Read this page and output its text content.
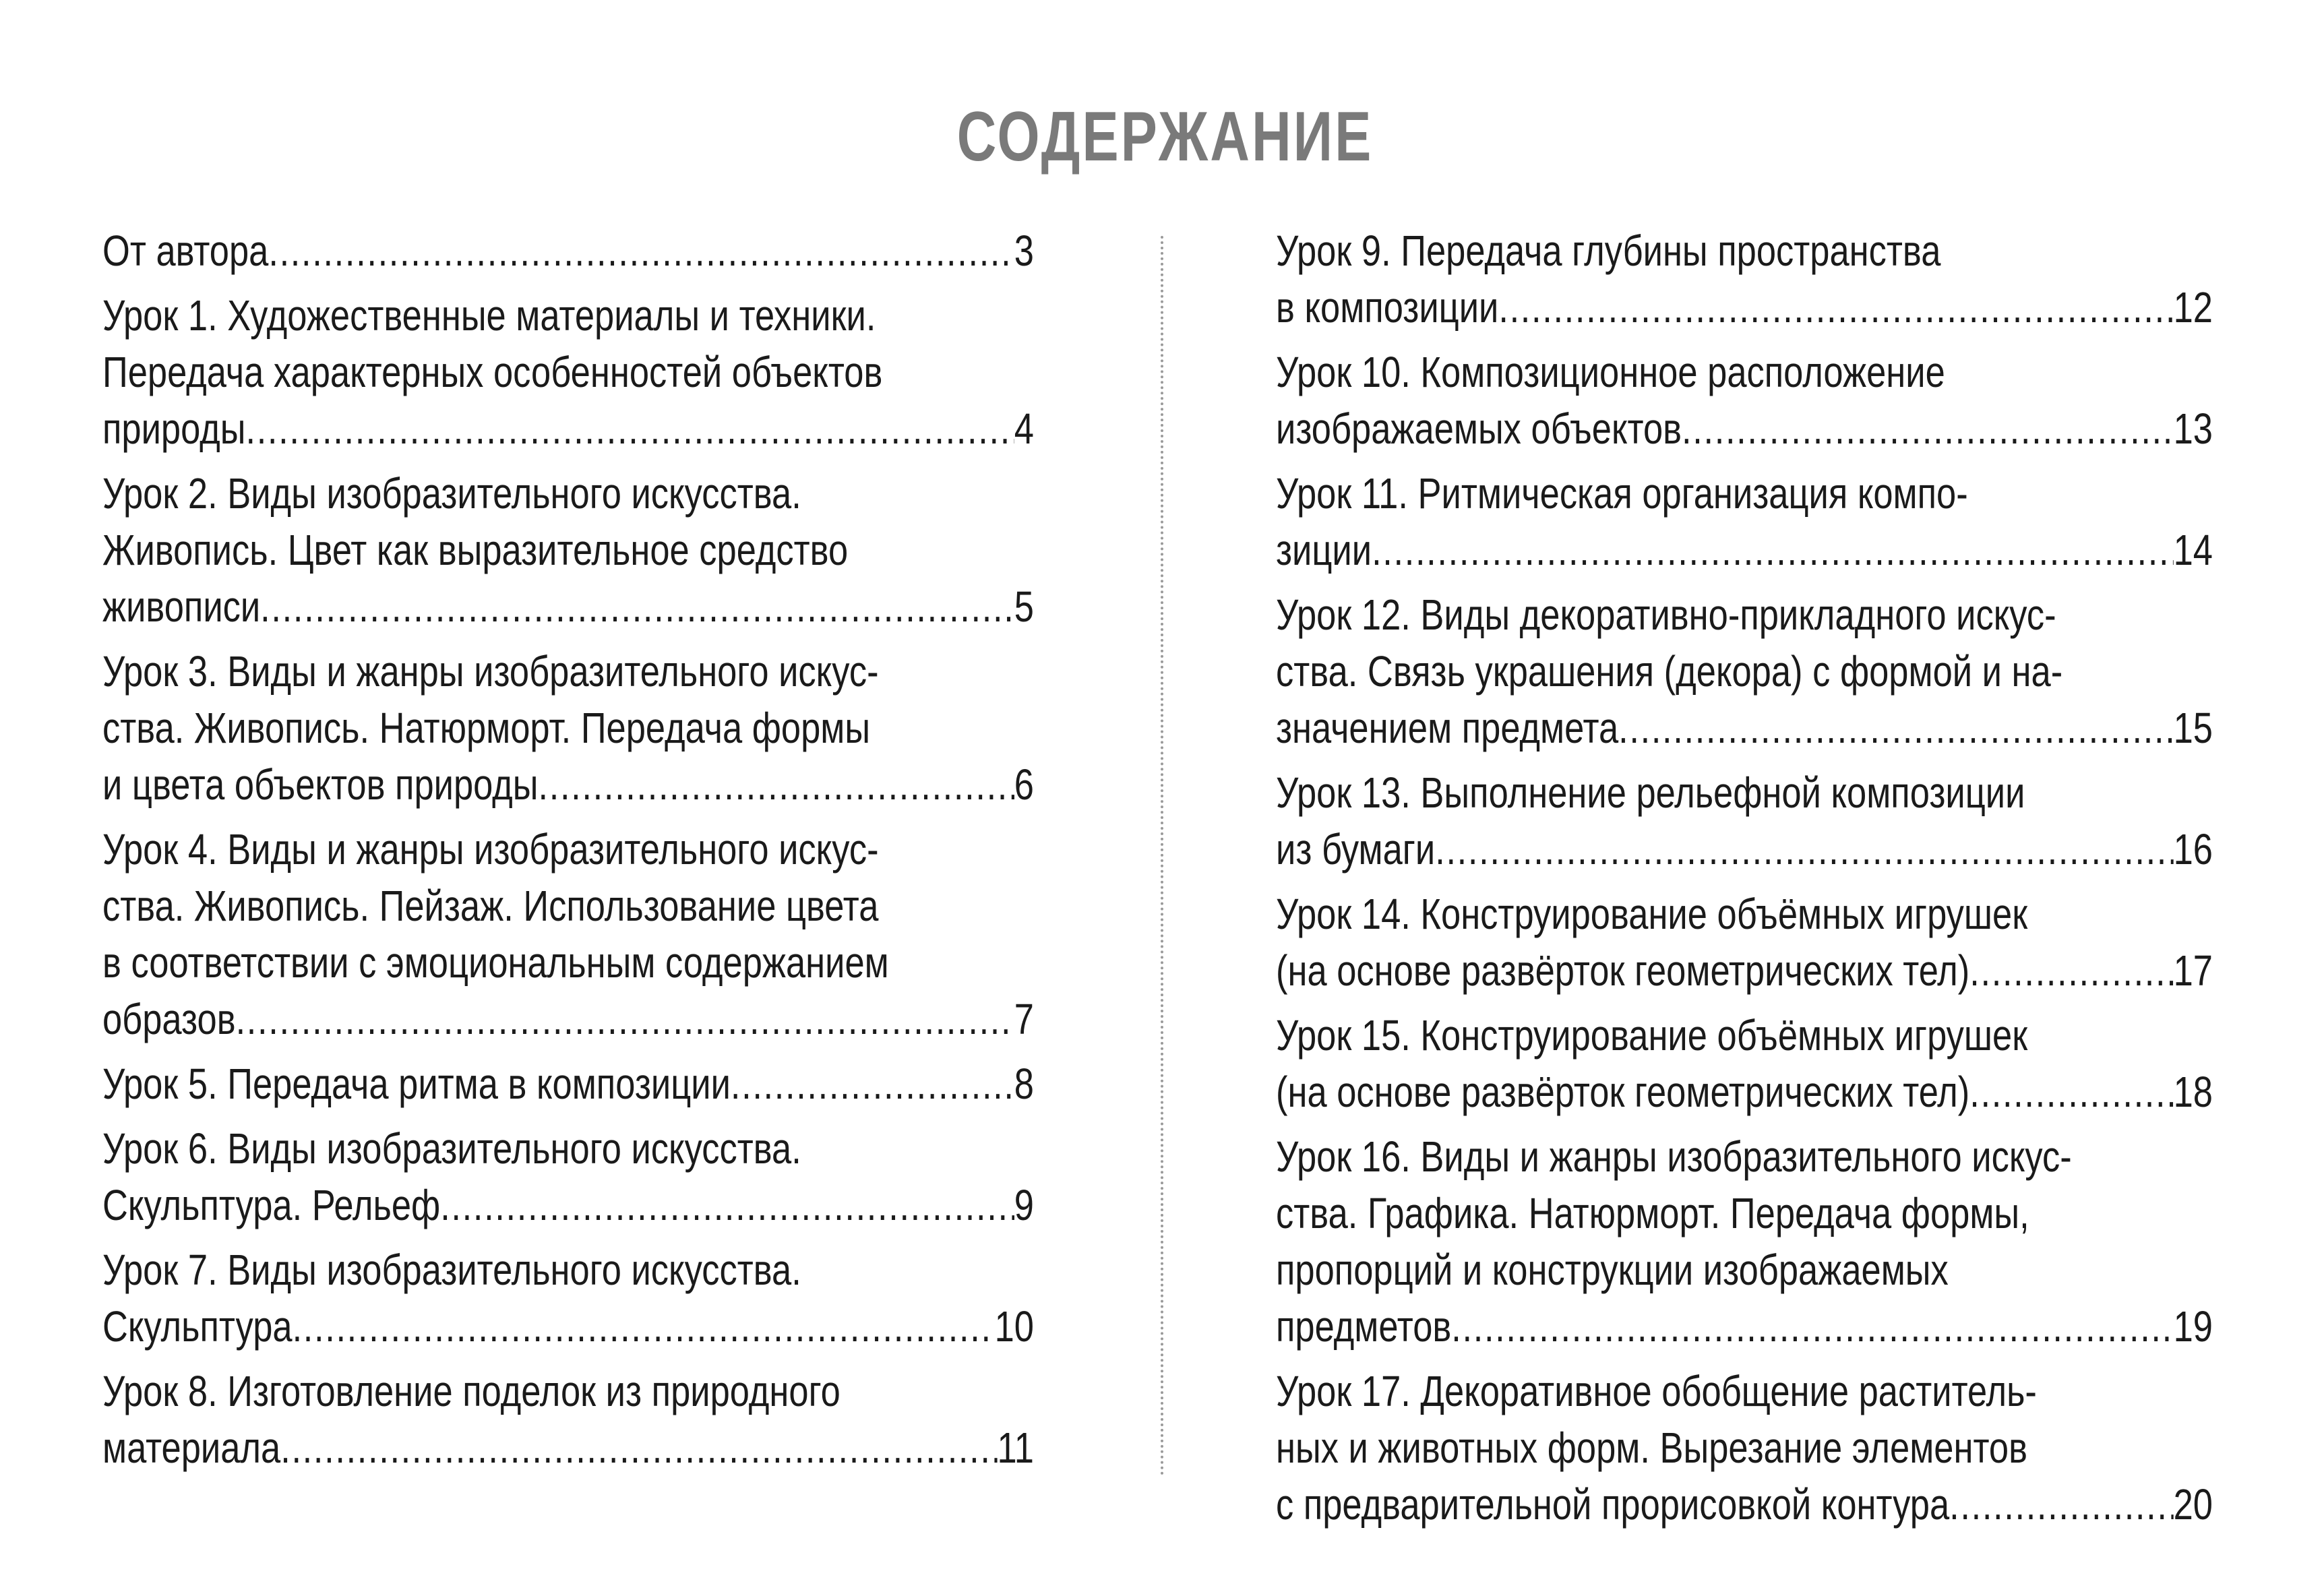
СОДЕРЖАНИЕ
От автора .....	3
Урок 1. Художественные материалы и техники.
Передача характерных особенностей объектов
природы .....	4
Урок 2. Виды изобразительного искусства.
Живопись. Цвет как выразительное средство
живописи .....	5
Урок 3. Виды и жанры изобразительного искус-
ства. Живопись. Натюрморт. Передача формы
и цвета объектов природы .....	6
Урок 4. Виды и жанры изобразительного искус-
ства. Живопись. Пейзаж. Использование цвета
в соответствии с эмоциональным содержанием
образов .....	7
Урок 5. Передача ритма в композиции .....	8
Урок 6. Виды изобразительного искусства.
Скульптура. Рельеф .....	9
Урок 7. Виды изобразительного искусства.
Скульптура .....	10
Урок 8. Изготовление поделок из природного
материала .....	11
Урок 9. Передача глубины пространства
в композиции .....	12
Урок 10. Композиционное расположение
изображаемых объектов .....	13
Урок 11. Ритмическая организация компо-
зиции .....	14
Урок 12. Виды декоративно-прикладного искус-
ства. Связь украшения (декора) с формой и на-
значением предмета .....	15
Урок 13. Выполнение рельефной композиции
из бумаги .....	16
Урок 14. Конструирование объёмных игрушек
(на основе развёрток геометрических тел) .....	17
Урок 15. Конструирование объёмных игрушек
(на основе развёрток геометрических тел) .....	18
Урок 16. Виды и жанры изобразительного искус-
ства. Графика. Натюрморт. Передача формы,
пропорций и конструкции изображаемых
предметов .....	19
Урок 17. Декоративное обобщение раститель-
ных и животных форм. Вырезание элементов
с предварительной прорисовкой контура .....	20
